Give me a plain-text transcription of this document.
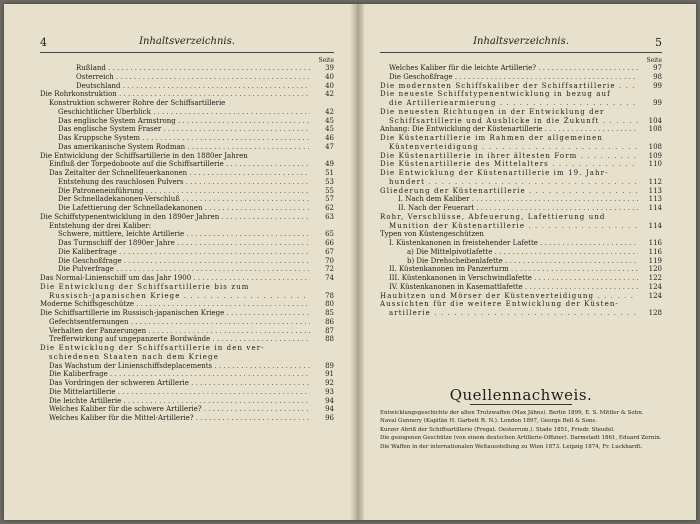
4	Inhaltsverzeichnis.
Seite
Rußland . . .	39
Österreich . . .	40
Deutschland . . .	40
Die Rohrkonstruktion . . .	42
Konstruktion schwerer Rohre der Schiffsartillerie
Geschichtlicher Überblick . . .	42
Das englische System Armstrong . . .	45
Das englische System Fraser . . .	45
Das Kruppsche System . . .	46
Das amerikanische System Rodman . . .	47
Die Entwicklung der Schiffsartillerie in den 1880er Jahren
Einfluß der Torpedoboote auf die Schiffsartillerie . . .	49
Das Zeitalter der Schnellfeuerkanonen . . .	51
Entstehung des rauchlosen Pulvers . . .	53
Die Patroneneinführung . . .	55
Der Schnelladekanonen-Verschluß . . .	57
Die Lafettierung der Schnelladekanonen . . .	62
Die Schiffstypenentwicklung in den 1890er Jahren . . .	63
Entstehung der drei Kaliber:
Schwere, mittlere, leichte Artillerie . . .	65
Das Turmschiff der 1890er Jahre . . .	66
Die Kaliberfrage . . .	67
Die Geschoßfrage . . .	70
Die Pulverfrage . . .	72
Das Normal-Linienschiff um das Jahr 1900 . . .	74
Die Entwicklung der Schiffsartillerie bis zum
Russisch-japanischen Kriege . . .	78
Moderne Schiffsgeschütze . . .	80
Die Schiffsartillerie im Russisch-japanischen Kriege . . .	85
Gefechtsentfernungen . . .	86
Verhalten der Panzerungen . . .	87
Trefferwirkung auf ungepanzerte Bordwände . . .	88
Die Entwicklung der Schiffsartillerie in den ver-
schiedenen Staaten nach dem Kriege
Das Wachstum der Linienschiffsdeplacements . . .	89
Die Kaliberfrage . . .	91
Das Vordringen der schweren Artillerie . . .	92
Die Mittelartillerie . . .	93
Die leichte Artillerie . . .	94
Welches Kaliber für die schwere Artillerie? . . .	94
Welches Kaliber für die Mittel-Artillerie? . . .	96
Inhaltsverzeichnis.	5
Seite
Welches Kaliber für die leichte Artillerie? . . .	97
Die Geschoßfrage . . .	98
Die modernsten Schiffskaliber der Schiffsartillerie . . .	99
Die neueste Schiffstypenentwicklung in bezug auf
die Artilleriearmierung . . .	99
Die neuesten Richtungen in der Entwicklung der
Schiffsartillerie und Ausblicke in die Zukunft . . .	104
Anhang: Die Entwicklung der Küstenartillerie . . .	108
Die Küstenartillerie im Rahmen der allgemeinen
Küstenverteidigung . . .	108
Die Küstenartillerie in ihrer ältesten Form . . .	109
Die Küstenartillerie des Mittelalters . . .	110
Die Entwicklung der Küstenartillerie im 19. Jahr-
hundert . . .	112
Gliederung der Küstenartillerie . . .	113
I. Nach dem Kaliber . . .	113
II. Nach der Feuerart . . .	114
Rohr, Verschlüsse, Abfeuerung, Lafettierung und
Munition der Küstenartillerie . . .	114
Typen von Küstengeschützen
I. Küstenkanonen in freistehender Lafette . . .	116
a) Die Mittelpivotlafette . . .	116
b) Die Drehscheibenlafette . . .	119
II. Küstenkanonen im Panzerturm . . .	120
III. Küstenkanonen in Verschwindlafette . . .	122
IV. Küstenkanonen in Kasemattlafette . . .	124
Haubitzen und Mörser der Küstenverteidigung . . .	124
Aussichten für die weitere Entwicklung der Küsten-
artillerie . . .	128
Quellennachweis.
Entwicklungsgeschichte der alten Trutzwaffen (Max Jähns). Berlin 1899, E. S. Mittler & Sohn.
Naval Gunnery (Kapitän H. Garbett R. N.). London 1897, George Bell & Sons.
Kurzer Abriß der Schiffsartillerie (Fregat. Oesterrum.). Stade 1851, Friedr. Steudel.
Die gezogenen Geschütze (von einem deutschen Artillerie-Offizier). Darmstadt 1861, Eduard Zernin.
Die Waffen in der internationalen Weltausstellung zu Wien 1873. Leipzig 1874, Fr. Luckhardt.
